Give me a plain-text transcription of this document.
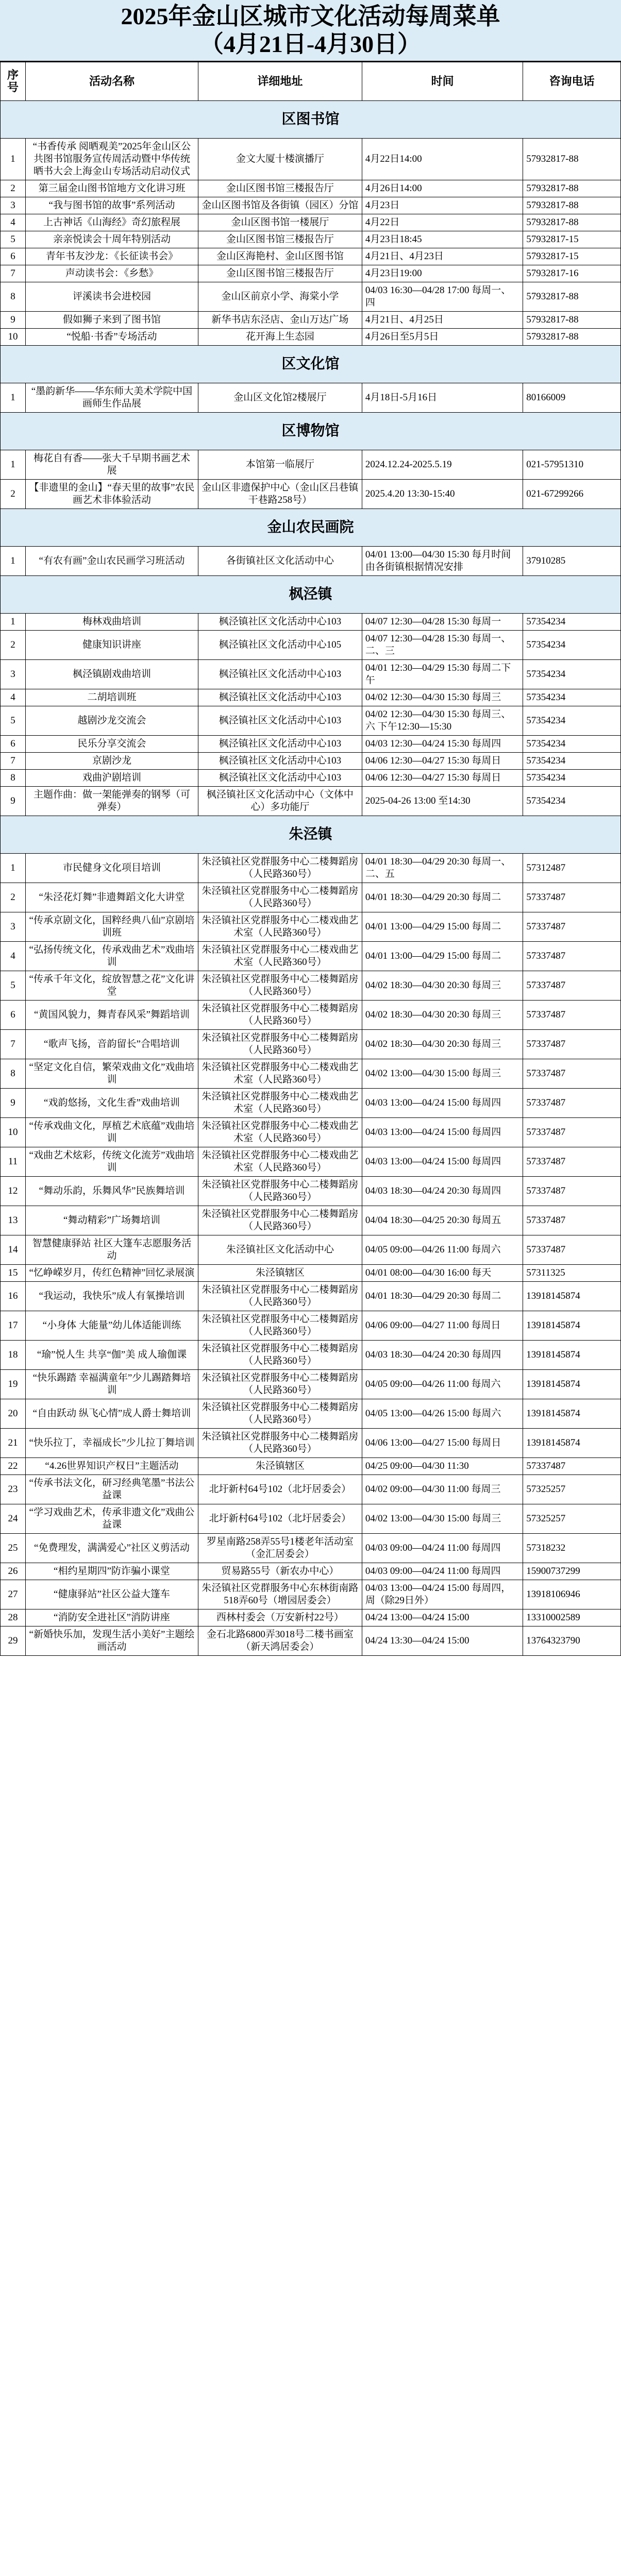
2025年金山区城市文化活动每周菜单
（4月21日-4月30日）
序号	活动名称	详细地址	时间	咨询电话
区图书馆				
1	“书香传承 阅晒观美”2025年金山区公共图书馆服务宣传周活动暨中华传统晒书大会上海金山专场活动启动仪式	金文大厦十楼演播厅	4月22日14:00	57932817-88
2	第三届金山图书馆地方文化讲习班	金山区图书馆三楼报告厅	4月26日14:00	57932817-88
3	“我与图书馆的故事”系列活动	金山区图书馆及各街镇（园区）分馆	4月23日	57932817-88
4	上古神话《山海经》奇幻旅程展	金山区图书馆一楼展厅	4月22日	57932817-88
5	亲亲悦读会十周年特别活动	金山区图书馆三楼报告厅	4月23日18:45	57932817-15
6	青年书友沙龙：《长征读书会》	金山区海艳村、金山区图书馆	4月21日、4月23日	57932817-15
7	声动读书会：《乡愁》	金山区图书馆三楼报告厅	4月23日19:00	57932817-16
8	评溪读书会进校园	金山区前京小学、海棠小学	04/03 16:30—04/28 17:00 每周一、四	57932817-88
9	假如狮子来到了图书馆	新华书店东泾店、金山万达广场	4月21日、4月25日	57932817-88
10	“悦船·书香”专场活动	花开海上生态园	4月26日至5月5日	57932817-88
区文化馆				
1	“墨韵新华——华东师大美术学院中国画师生作品展	金山区文化馆2楼展厅	4月18日-5月16日	80166009
区博物馆				
1	梅花自有香——张大千早期书画艺术展	本馆第一临展厅	2024.12.24-2025.5.19	021-57951310
2	【非遗里的金山】“春天里的故事”农民画艺术非体验活动	金山区非遗保护中心（金山区吕巷镇干巷路258号）	2025.4.20 13:30-15:40	021-67299266
金山农民画院				
1	“有农有画”金山农民画学习班活动	各街镇社区文化活动中心	04/01 13:00—04/30 15:30 每月时间由各街镇根据情况安排	37910285
枫泾镇				
1	梅林戏曲培训	枫泾镇社区文化活动中心103	04/07 12:30—04/28 15:30 每周一	57354234
2	健康知识讲座	枫泾镇社区文化活动中心105	04/07 12:30—04/28 15:30 每周一、二、三	57354234
3	枫泾镇剧戏曲培训	枫泾镇社区文化活动中心103	04/01 12:30—04/29 15:30 每周二下午	57354234
4	二胡培训班	枫泾镇社区文化活动中心103	04/02 12:30—04/30 15:30 每周三	57354234
5	越剧沙龙交流会	枫泾镇社区文化活动中心103	04/02 12:30—04/30 15:30 每周三、六 下午12:30—15:30	57354234
6	民乐分享交流会	枫泾镇社区文化活动中心103	04/03 12:30—04/24 15:30 每周四	57354234
7	京剧沙龙	枫泾镇社区文化活动中心103	04/06 12:30—04/27 15:30 每周日	57354234
8	戏曲沪剧培训	枫泾镇社区文化活动中心103	04/06 12:30—04/27 15:30 每周日	57354234
9	主题作曲：做一架能弹奏的钢琴（可弹奏）	枫泾镇社区文化活动中心（文体中心）多功能厅	2025-04-26 13:00 至14:30	57354234
朱泾镇				
1	市民健身文化项目培训	朱泾镇社区党群服务中心二楼舞蹈房（人民路360号）	04/01 18:30—04/29 20:30 每周一、二、五	57312487
2	“朱泾花灯舞”非遗舞蹈文化大讲堂	朱泾镇社区党群服务中心二楼舞蹈房（人民路360号）	04/01 18:30—04/29 20:30 每周二	57337487
3	“传承京剧文化，国粹经典八仙”京剧培训班	朱泾镇社区党群服务中心二楼戏曲艺术室（人民路360号）	04/01 13:00—04/29 15:00 每周二	57337487
4	“弘扬传统文化，传承戏曲艺术”戏曲培训	朱泾镇社区党群服务中心二楼戏曲艺术室（人民路360号）	04/01 13:00—04/29 15:00 每周二	57337487
5	“传承千年文化，绽放智慧之花”文化讲堂	朱泾镇社区党群服务中心二楼舞蹈房（人民路360号）	04/02 18:30—04/30 20:30 每周三	57337487
6	“黄国风貌力，舞青春风采”舞蹈培训	朱泾镇社区党群服务中心二楼舞蹈房（人民路360号）	04/02 18:30—04/30 20:30 每周三	57337487
7	“歌声飞扬，音韵留长”合唱培训	朱泾镇社区党群服务中心二楼舞蹈房（人民路360号）	04/02 18:30—04/30 20:30 每周三	57337487
8	“坚定文化自信，繁荣戏曲文化”戏曲培训	朱泾镇社区党群服务中心二楼戏曲艺术室（人民路360号）	04/02 13:00—04/30 15:00 每周三	57337487
9	“戏韵悠扬，文化生香”戏曲培训	朱泾镇社区党群服务中心二楼戏曲艺术室（人民路360号）	04/03 13:00—04/24 15:00 每周四	57337487
10	“传承戏曲文化，厚植艺术底蕴”戏曲培训	朱泾镇社区党群服务中心二楼戏曲艺术室（人民路360号）	04/03 13:00—04/24 15:00 每周四	57337487
11	“戏曲艺术炫彩，传统文化流芳”戏曲培训	朱泾镇社区党群服务中心二楼戏曲艺术室（人民路360号）	04/03 13:00—04/24 15:00 每周四	57337487
12	“舞动乐韵，乐舞风华”民族舞培训	朱泾镇社区党群服务中心二楼舞蹈房（人民路360号）	04/03 18:30—04/24 20:30 每周四	57337487
13	“舞动精彩”广场舞培训	朱泾镇社区党群服务中心二楼舞蹈房（人民路360号）	04/04 18:30—04/25 20:30 每周五	57337487
14	智慧健康驿站 社区大篷车志愿服务活动	朱泾镇社区文化活动中心	04/05 09:00—04/26 11:00 每周六	57337487
15	“忆峥嵘岁月，传红色精神”回忆录展演	朱泾镇辖区	04/01 08:00—04/30 16:00 每天	57311325
16	“我运动，我快乐”成人有氧操培训	朱泾镇社区党群服务中心二楼舞蹈房（人民路360号）	04/01 18:30—04/29 20:30 每周二	13918145874
17	“小身体 大能量”幼儿体适能训练	朱泾镇社区党群服务中心二楼舞蹈房（人民路360号）	04/06 09:00—04/27 11:00 每周日	13918145874
18	“瑜”悦人生 共享“伽”美 成人瑜伽课	朱泾镇社区党群服务中心二楼舞蹈房（人民路360号）	04/03 18:30—04/24 20:30 每周四	13918145874
19	“快乐踢踏 幸福满童年”少儿踢踏舞培训	朱泾镇社区党群服务中心二楼舞蹈房（人民路360号）	04/05 09:00—04/26 11:00 每周六	13918145874
20	“自由跃动 纵飞心情”成人爵士舞培训	朱泾镇社区党群服务中心二楼舞蹈房（人民路360号）	04/05 13:00—04/26 15:00 每周六	13918145874
21	“快乐拉丁，幸福成长”少儿拉丁舞培训	朱泾镇社区党群服务中心二楼舞蹈房（人民路360号）	04/06 13:00—04/27 15:00 每周日	13918145874
22	“4.26世界知识产权日”主题活动	朱泾镇辖区	04/25 09:00—04/30 11:30	57337487
23	“传承书法文化，研习经典笔墨”书法公益课	北圩新村64号102（北圩居委会）	04/02 09:00—04/30 11:00 每周三	57325257
24	“学习戏曲艺术，传承非遗文化”戏曲公益课	北圩新村64号102（北圩居委会）	04/02 13:00—04/30 15:00 每周三	57325257
25	“免费理发，满满爱心”社区义剪活动	罗星南路258弄55号1楼老年活动室（金汇居委会）	04/03 09:00—04/24 11:00 每周四	57318232
26	“相约星期四”防诈骗小课堂	贸易路55号（新农办中心）	04/03 09:00—04/24 11:00 每周四	15900737299
27	“健康驿站”社区公益大篷车	朱泾镇社区党群服务中心东林街南路518弄60号（增园居委会）	04/03 13:00—04/24 15:00 每周四，周（除29日外）	13918106946
28	“消防安全进社区”消防讲座	西林村委会（万安新村22号）	04/24 13:00—04/24 15:00	13310002589
29	“新婚快乐加，发现生活小美好”主题绘画活动	金石北路6800弄3018号二楼书画室（新天鸿居委会）	04/24 13:30—04/24 15:00	13764323790
